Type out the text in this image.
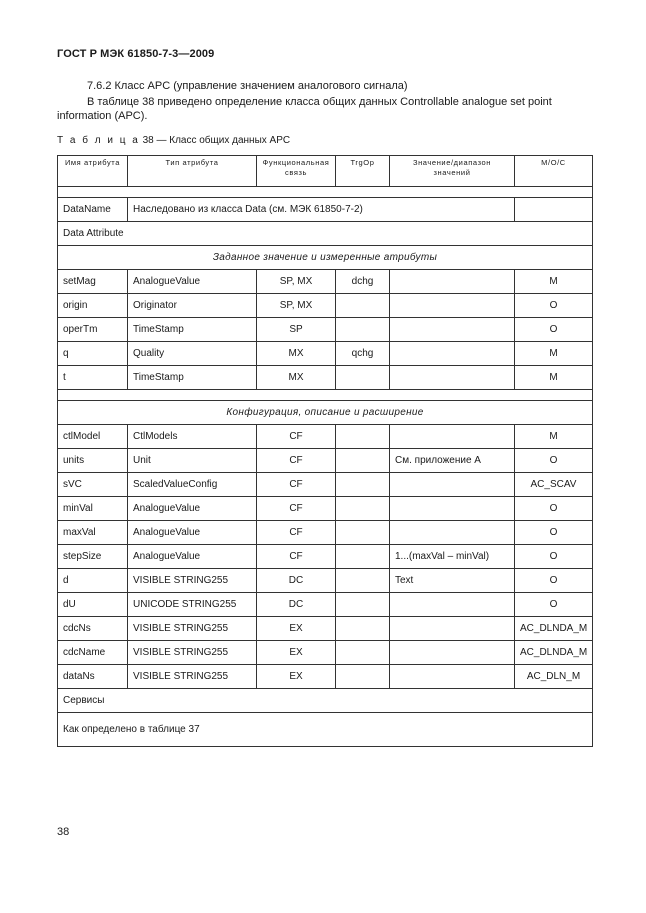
ГОСТ Р МЭК 61850-7-3—2009
7.6.2 Класс APC (управление значением аналогового сигнала)
В таблице 38 приведено определение класса общих данных Controllable analogue set point information (APC).
Т а б л и ц а 38 — Класс общих данных APC
Имя атрибута	Тип атрибута	Функциональная связь	TrgOp	Значение/диапазон значений	M/O/C

DataName	Наследовано из класса Data (см. МЭК 61850-7-2)				
Data Attribute					
Заданное значение и измеренные атрибуты					
setMag	AnalogueValue	SP, MX	dchg		M
origin	Originator	SP, MX			O
operTm	TimeStamp	SP			O
q	Quality	MX	qchg		M
t	TimeStamp	MX			M

Конфигурация, описание и расширение					
ctlModel	CtlModels	CF			M
units	Unit	CF		См. приложение А	O
sVC	ScaledValueConfig	CF			AC_SCAV
minVal	AnalogueValue	CF			O
maxVal	AnalogueValue	CF			O
stepSize	AnalogueValue	CF		1...(maxVal – minVal)	O
d	VISIBLE STRING255	DC		Text	O
dU	UNICODE STRING255	DC			O
cdcNs	VISIBLE STRING255	EX			AC_DLNDA_M
cdcName	VISIBLE STRING255	EX			AC_DLNDA_M
dataNs	VISIBLE STRING255	EX			AC_DLN_M
Сервисы					
Как определено в таблице 37					
38
